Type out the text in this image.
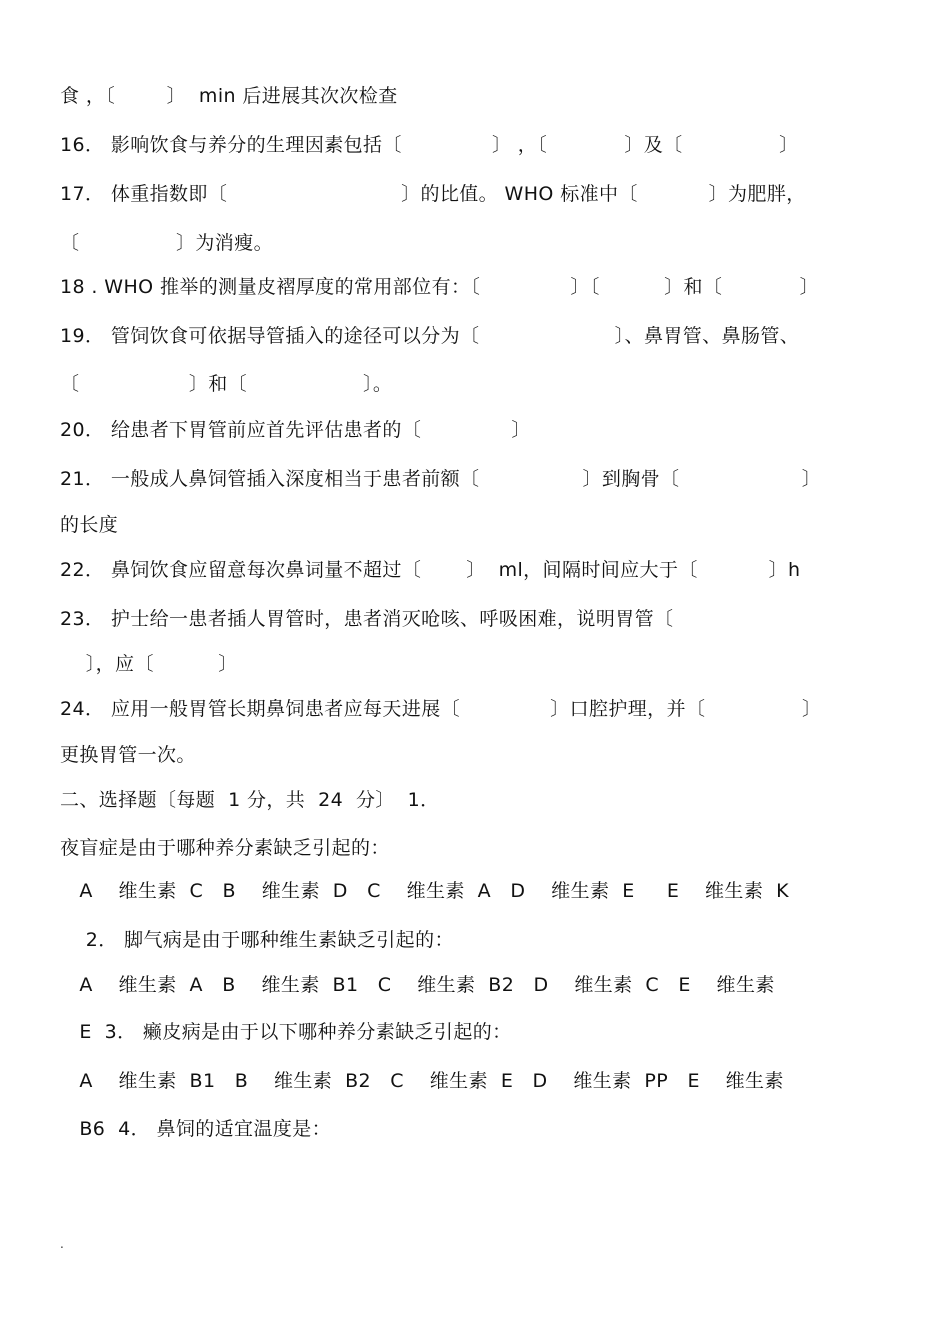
食 ，〔        〕  min 后进展其次次检查
16． 影响饮食与养分的生理因素包括〔              〕 ，〔            〕及〔               〕
17． 体重指数即〔                           〕的比值。 WHO 标准中〔           〕为肥胖，
〔               〕为消瘦。
18 . WHO 推举的测量皮褶厚度的常用部位有：〔              〕〔          〕和〔            〕
19． 管饲饮食可依据导管插入的途径可以分为〔                     〕、鼻胃管、鼻肠管、
〔                 〕和〔                  〕。
20． 给患者下胃管前应首先评估患者的〔              〕
21． 一般成人鼻饲管插入深度相当于患者前额〔                〕到胸骨〔                   〕
的长度
22． 鼻饲饮食应留意每次鼻词量不超过〔       〕  ml，间隔时间应大于〔           〕h
23． 护士给一患者插人胃管时，患者消灭呛咳、呼吸困难，说明胃管〔
〕，应〔          〕
24． 应用一般胃管长期鼻饲患者应每天进展〔              〕口腔护理，并〔               〕
更换胃管一次。
二、选择题〔每题  1 分，共  24  分〕  1．
夜盲症是由于哪种养分素缺乏引起的：
A    维生素  C   B    维生素  D   C    维生素  A   D    维生素  E     E    维生素  K
2． 脚气病是由于哪种维生素缺乏引起的：
A    维生素  A   B    维生素  B1   C    维生素  B2   D    维生素  C   E    维生素
E  3． 癞皮病是由于以下哪种养分素缺乏引起的：
A    维生素  B1   B    维生素  B2   C    维生素  E   D    维生素  PP   E    维生素
B6  4． 鼻饲的适宜温度是：
.
